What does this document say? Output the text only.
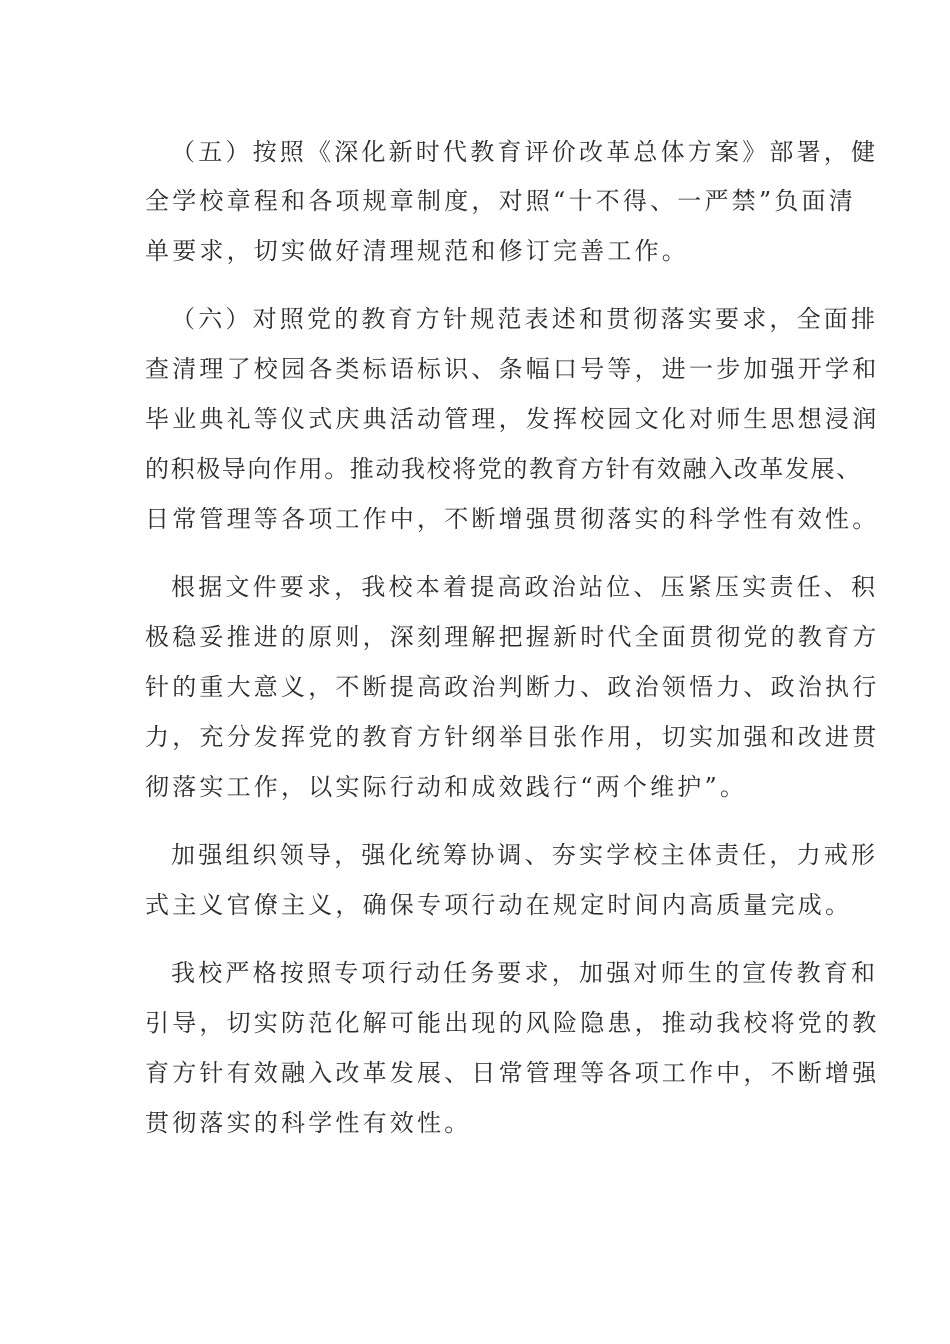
（五）按照《深化新时代教育评价改革总体方案》部署，健
全学校章程和各项规章制度，对照“十不得、一严禁”负面清
单要求，切实做好清理规范和修订完善工作。
（六）对照党的教育方针规范表述和贯彻落实要求，全面排
查清理了校园各类标语标识、条幅口号等，进一步加强开学和
毕业典礼等仪式庆典活动管理，发挥校园文化对师生思想浸润
的积极导向作用。推动我校将党的教育方针有效融入改革发展、
日常管理等各项工作中，不断增强贯彻落实的科学性有效性。
根据文件要求，我校本着提高政治站位、压紧压实责任、积
极稳妥推进的原则，深刻理解把握新时代全面贯彻党的教育方
针的重大意义，不断提高政治判断力、政治领悟力、政治执行
力，充分发挥党的教育方针纲举目张作用，切实加强和改进贯
彻落实工作，以实际行动和成效践行“两个维护”。
加强组织领导，强化统筹协调、夯实学校主体责任，力戒形
式主义官僚主义，确保专项行动在规定时间内高质量完成。
我校严格按照专项行动任务要求，加强对师生的宣传教育和
引导，切实防范化解可能出现的风险隐患，推动我校将党的教
育方针有效融入改革发展、日常管理等各项工作中，不断增强
贯彻落实的科学性有效性。
